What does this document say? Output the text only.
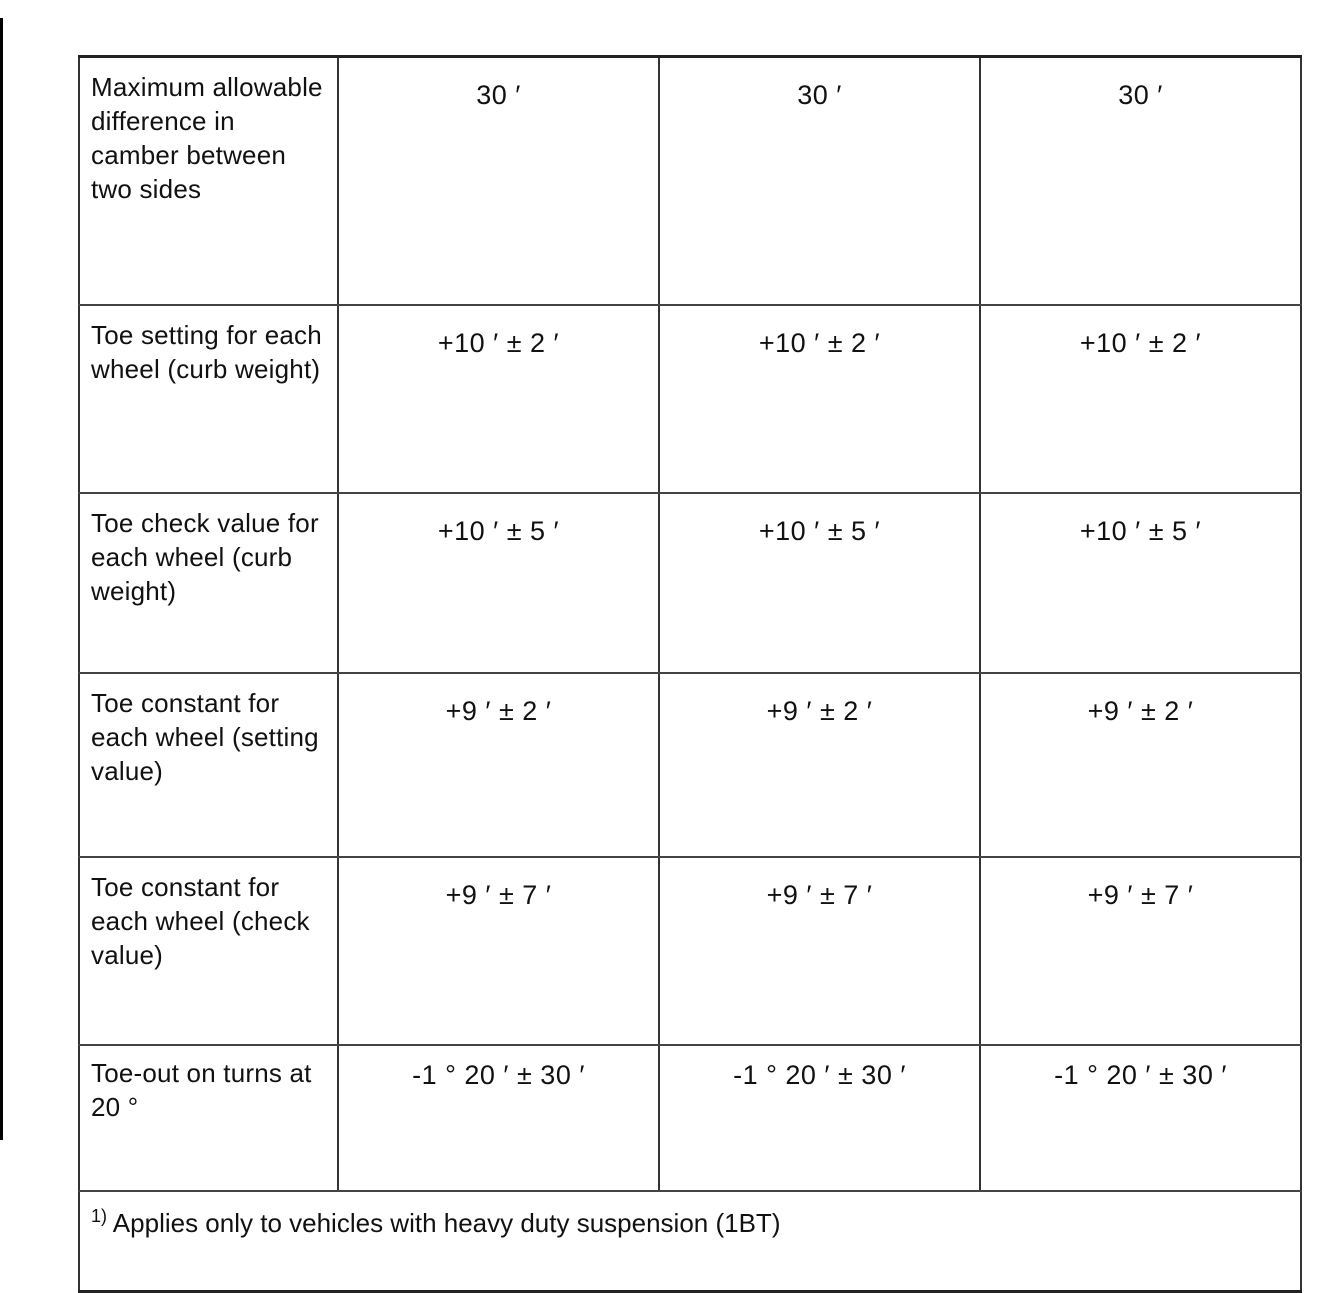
Maximum allowable difference in camber between two sides	30 ′	30 ′	30 ′
Toe setting for each wheel (curb weight)	+10 ′ ± 2 ′	+10 ′ ± 2 ′	+10 ′ ± 2 ′
Toe check value for each wheel (curb weight)	+10 ′ ± 5 ′	+10 ′ ± 5 ′	+10 ′ ± 5 ′
Toe constant for each wheel (setting value)	+9 ′ ± 2 ′	+9 ′ ± 2 ′	+9 ′ ± 2 ′
Toe constant for each wheel (check value)	+9 ′ ± 7 ′	+9 ′ ± 7 ′	+9 ′ ± 7 ′
Toe-out on turns at 20 °	-1 ° 20 ′ ± 30 ′	-1 ° 20 ′ ± 30 ′	-1 ° 20 ′ ± 30 ′
$^{1)}$ Applies only to vehicles with heavy duty suspension (1BT)			
